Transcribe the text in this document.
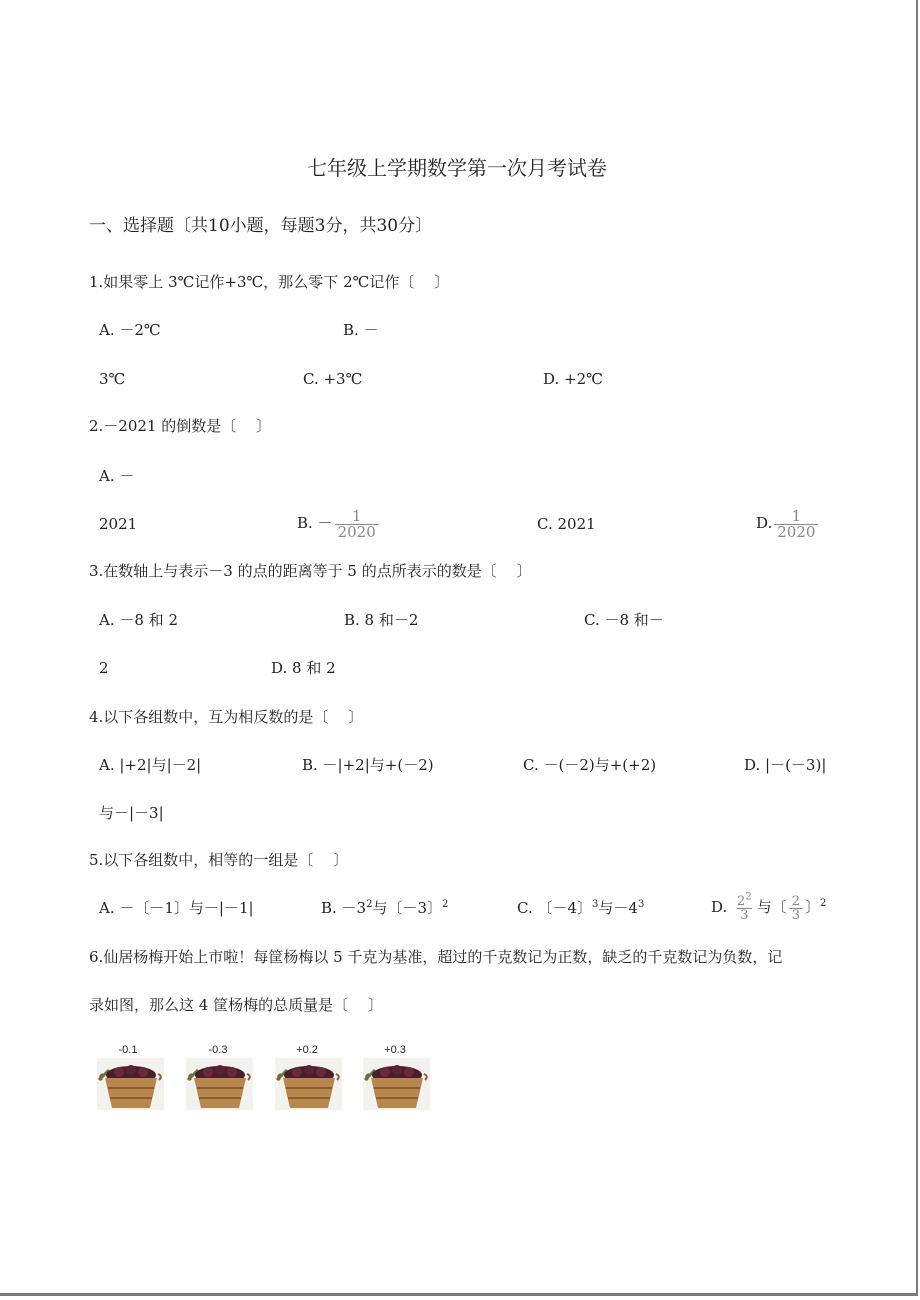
七年级上学期数学第一次月考试卷
一、选择题〔共10小题，每题3分，共30分〕
1.如果零上 3℃记作+3℃，那么零下 2℃记作〔　 〕
A. －2℃	B. －
3℃	C. +3℃	D. +2℃
2.－2021 的倒数是〔　 〕
A. －
2021	B. － $\frac{1}{2020}$	C. 2021	D. $\frac{1}{2020}$
3.在数轴上与表示－3 的点的距离等于 5 的点所表示的数是〔　 〕
A. －8 和 2	B. 8 和－2	C. －8 和－
2	D. 8 和 2
4.以下各组数中，互为相反数的是〔　 〕
A. |+2|与|－2|	B. －|+2|与+(－2)	C. －(－2)与+(+2)	D. |－(－3)|
与－|－3|
5.以下各组数中，相等的一组是〔　 〕
A. －〔－1〕与－|－1|	B. $-3^2$与〔－3〕$^2$	C. 〔－4〕$^3$与$-4^3$	D. $\frac{2^2}{3}$ 与〔 $\frac{2}{3}$ 〕$^2$
6.仙居杨梅开始上市啦！每筐杨梅以 5 千克为基准，超过的千克数记为正数，缺乏的千克数记为负数，记
录如图，那么这 4 筐杨梅的总质量是〔　 〕
-0.1	-0.3	+0.2	+0.3
